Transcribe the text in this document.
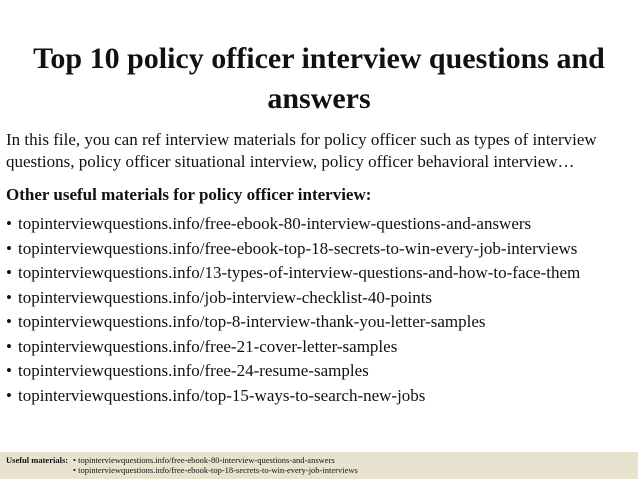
Top 10 policy officer interview questions and
answers

In this file, you can ref interview materials for policy officer such as types of interview
questions, policy officer situational interview, policy officer behavioral interview…

Other useful materials for policy officer interview:

• topinterviewquestions.info/free-ebook-80-interview-questions-and-answers
• topinterviewquestions.info/free-ebook-top-18-secrets-to-win-every-job-interviews
• topinterviewquestions.info/13-types-of-interview-questions-and-how-to-face-them
• topinterviewquestions.info/job-interview-checklist-40-points
• topinterviewquestions.info/top-8-interview-thank-you-letter-samples
• topinterviewquestions.info/free-21-cover-letter-samples
• topinterviewquestions.info/free-24-resume-samples
• topinterviewquestions.info/top-15-ways-to-search-new-jobs
Useful materials: • topinterviewquestions.info/free-ebook-80-interview-questions-and-answers
• topinterviewquestions.info/free-ebook-top-18-secrets-to-win-every-job-interviews
